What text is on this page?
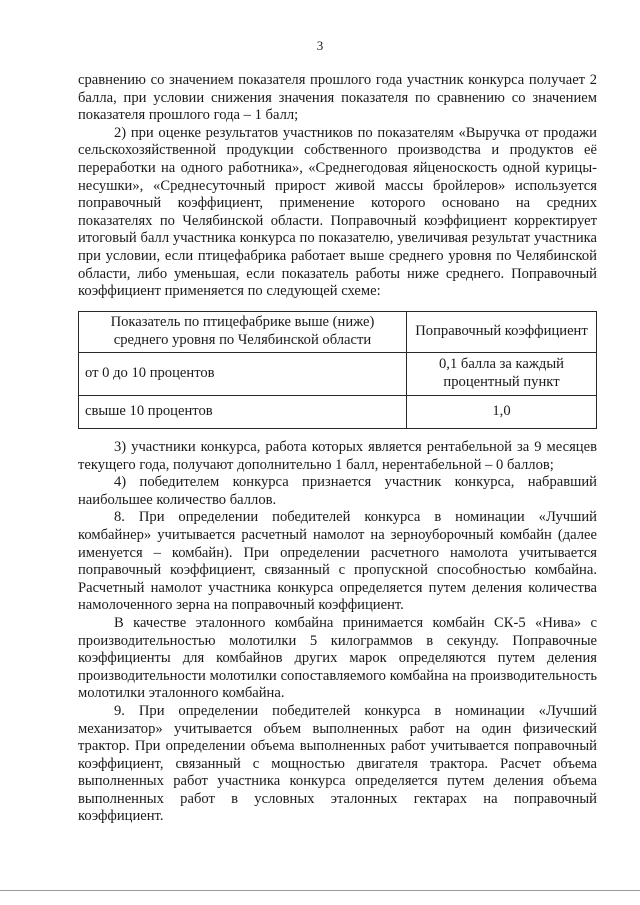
3

сравнению со значением показателя прошлого года участник конкурса получает 2 балла, при условии снижения значения показателя по сравнению со значением показателя прошлого года – 1 балл;

2) при оценке результатов участников по показателям «Выручка от продажи сельскохозяйственной продукции собственного производства и продуктов её переработки на одного работника», «Среднегодовая яйценоскость одной курицы-несушки», «Среднесуточный прирост живой массы бройлеров» используется поправочный коэффициент, применение которого основано на средних показателях по Челябинской области. Поправочный коэффициент корректирует итоговый балл участника конкурса по показателю, увеличивая результат участника при условии, если птицефабрика работает выше среднего уровня по Челябинской области, либо уменьшая, если показатель работы ниже среднего. Поправочный коэффициент применяется по следующей схеме:

Показатель по птицефабрике выше (ниже) среднего уровня по Челябинской области	Поправочный коэффициент
от 0 до 10 процентов	0,1 балла за каждый процентный пункт
свыше 10 процентов	1,0

3) участники конкурса, работа которых является рентабельной за 9 месяцев текущего года, получают дополнительно 1 балл, нерентабельной – 0 баллов;

4) победителем конкурса признается участник конкурса, набравший наибольшее количество баллов.

8. При определении победителей конкурса в номинации «Лучший комбайнер» учитывается расчетный намолот на зерноуборочный комбайн (далее именуется – комбайн). При определении расчетного намолота учитывается поправочный коэффициент, связанный с пропускной способностью комбайна. Расчетный намолот участника конкурса определяется путем деления количества намолоченного зерна на поправочный коэффициент.

В качестве эталонного комбайна принимается комбайн СК-5 «Нива» с производительностью молотилки 5 килограммов в секунду. Поправочные коэффициенты для комбайнов других марок определяются путем деления производительности молотилки сопоставляемого комбайна на производительность молотилки эталонного комбайна.

9. При определении победителей конкурса в номинации «Лучший механизатор» учитывается объем выполненных работ на один физический трактор. При определении объема выполненных работ учитывается поправочный коэффициент, связанный с мощностью двигателя трактора. Расчет объема выполненных работ участника конкурса определяется путем деления объема выполненных работ в условных эталонных гектарах на поправочный коэффициент.
